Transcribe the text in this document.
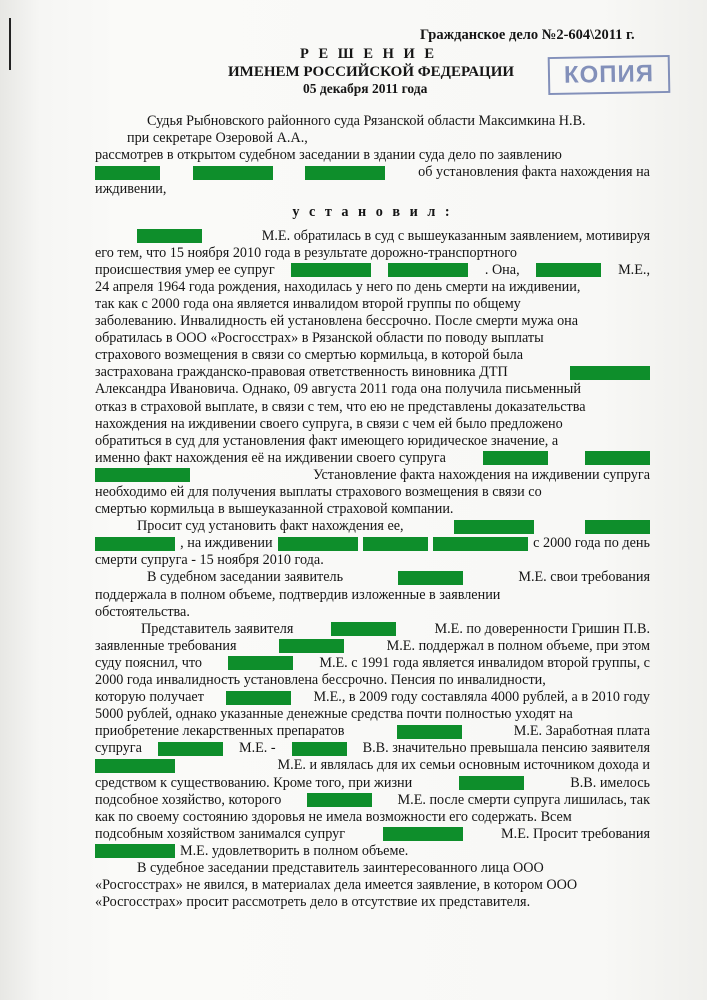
Гражданское дело №2-604\2011 г.
Р Е Ш Е Н И Е
ИМЕНЕМ РОССИЙСКОЙ ФЕДЕРАЦИИ
05 декабря 2011 года	КОПИЯ
Судья Рыбновского районного суда Рязанской области Максимкина Н.В.
при секретаре Озеровой А.А.,
рассмотрев в открытом судебном заседании в здании суда дело по заявлению
об установления факта нахождения на
иждивении,
у с т а н о в и л :
М.Е. обратилась в суд с вышеуказанным заявлением, мотивируя
его тем, что 15 ноября 2010 года в результате дорожно-транспортного
происшествия умер ее супруг	. Она,	М.Е.,
24 апреля 1964 года рождения, находилась у него по день смерти на иждивении,
так как с 2000 года она является инвалидом второй группы по общему
заболеванию. Инвалидность ей установлена бессрочно. После смерти мужа она
обратилась в ООО «Росгосстрах» в Рязанской области по поводу выплаты
страхового возмещения в связи со смертью кормильца, в которой была
застрахована гражданско-правовая ответственность виновника ДТП
Александра Ивановича. Однако, 09 августа 2011 года она получила письменный
отказ в страховой выплате, в связи с тем, что ею не представлены доказательства
нахождения на иждивении своего супруга, в связи с чем ей было предложено
обратиться в суд для установления факт имеющего юридическое значение, а
именно факт нахождения её на иждивении своего супруга
Установление факта нахождения на иждивении супруга
необходимо ей для получения выплаты страхового возмещения в связи со
смертью кормильца в вышеуказанной страховой компании.
Просит суд установить факт нахождения ее,
, на иждивении	с 2000 года по день
смерти супруга - 15 ноября 2010 года.
В судебном заседании заявитель	М.Е. свои требования
поддержала в полном объеме, подтвердив изложенные в заявлении
обстоятельства.
Представитель заявителя	М.Е. по доверенности Гришин П.В.
заявленные требования	М.Е. поддержал в полном объеме, при этом
суду пояснил, что	М.Е. с 1991 года является инвалидом второй группы, с
2000 года инвалидность установлена бессрочно. Пенсия по инвалидности,
которую получает	М.Е., в 2009 году составляла 4000 рублей, а в 2010 году
5000 рублей, однако указанные денежные средства почти полностью уходят на
приобретение лекарственных препаратов	М.Е. Заработная плата
супруга	М.Е. -	В.В. значительно превышала пенсию заявителя
М.Е. и являлась для их семьи основным источником дохода и
средством к существованию. Кроме того, при жизни	В.В. имелось
подсобное хозяйство, которого	М.Е. после смерти супруга лишилась, так
как по своему состоянию здоровья не имела возможности его содержать. Всем
подсобным хозяйством занимался супруг	М.Е. Просит требования
М.Е. удовлетворить в полном объеме.
В судебное заседании представитель заинтересованного лица ООО
«Росгосстрах» не явился, в материалах дела имеется заявление, в котором ООО
«Росгосстрах» просит рассмотреть дело в отсутствие их представителя.
